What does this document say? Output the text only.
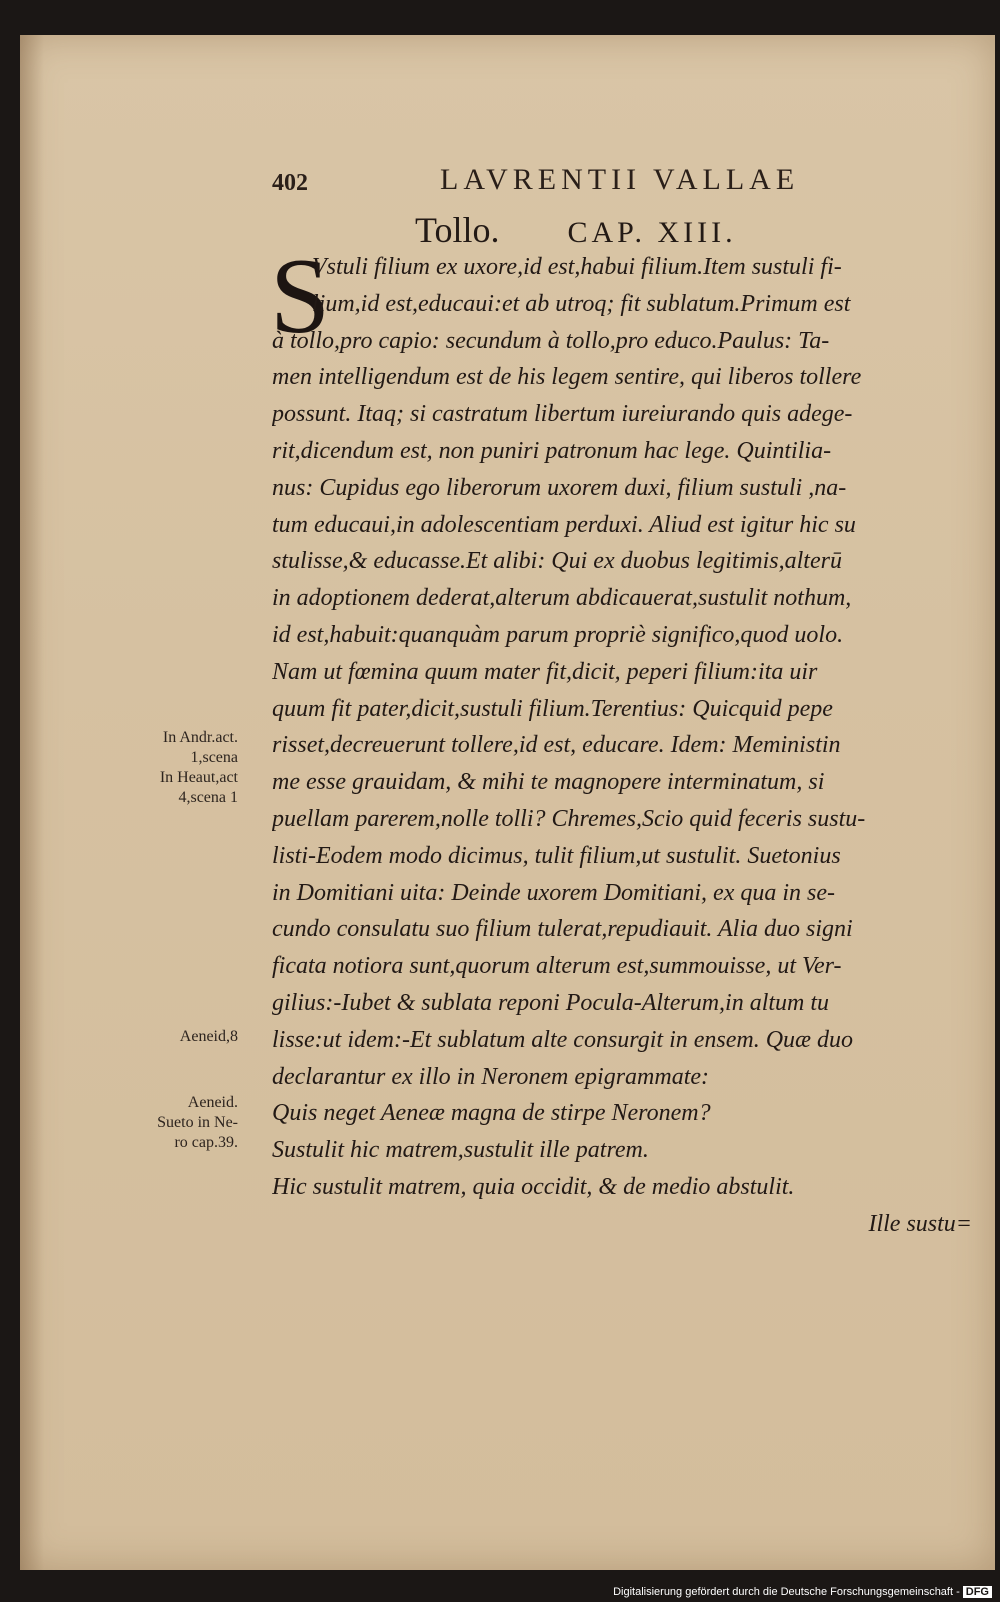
402	LAVRENTII VALLAE
Tollo. CAP. XIII.
S
Vstuli filium ex uxore,id est,habui filium.Item sustuli fi-
lium,id est,educaui:et ab utroq; fit sublatum.Primum est
à tollo,pro capio: secundum à tollo,pro educo.Paulus: Ta-
men intelligendum est de his legem sentire, qui liberos tollere
possunt. Itaq; si castratum libertum iureiurando quis adege-
rit,dicendum est, non puniri patronum hac lege. Quintilia-
nus: Cupidus ego liberorum uxorem duxi, filium sustuli ,na-
tum educaui,in adolescentiam perduxi. Aliud est igitur hic su
stulisse,& educasse.Et alibi: Qui ex duobus legitimis,alterū
in adoptionem dederat,alterum abdicauerat,sustulit nothum,
id est,habuit:quanquàm parum propriè significo,quod uolo.
Nam ut fœmina quum mater fit,dicit, peperi filium:ita uir
quum fit pater,dicit,sustuli filium.Terentius: Quicquid pepe
risset,decreuerunt tollere,id est, educare. Idem: Meministin
me esse grauidam, & mihi te magnopere interminatum, si
puellam parerem,nolle tolli? Chremes,Scio quid feceris sustu-
listi-Eodem modo dicimus, tulit filium,ut sustulit. Suetonius
in Domitiani uita: Deinde uxorem Domitiani, ex qua in se-
cundo consulatu suo filium tulerat,repudiauit. Alia duo signi
ficata notiora sunt,quorum alterum est,summouisse, ut Ver-
gilius:-Iubet & sublata reponi Pocula-Alterum,in altum tu
lisse:ut idem:-Et sublatum alte consurgit in ensem. Quæ duo
declarantur ex illo in Neronem epigrammate:
Quis neget Aeneæ magna de stirpe Neronem?
Sustulit hic matrem,sustulit ille patrem.
Hic sustulit matrem, quia occidit, & de medio abstulit.
Ille sustu=
In Andr.act.
1,scena
In Heaut,act
4,scena 1
Aeneid,8
Aeneid.
Sueto in Ne-
ro cap.39.
Digitalisierung gefördert durch die Deutsche Forschungsgemeinschaft - DFG
